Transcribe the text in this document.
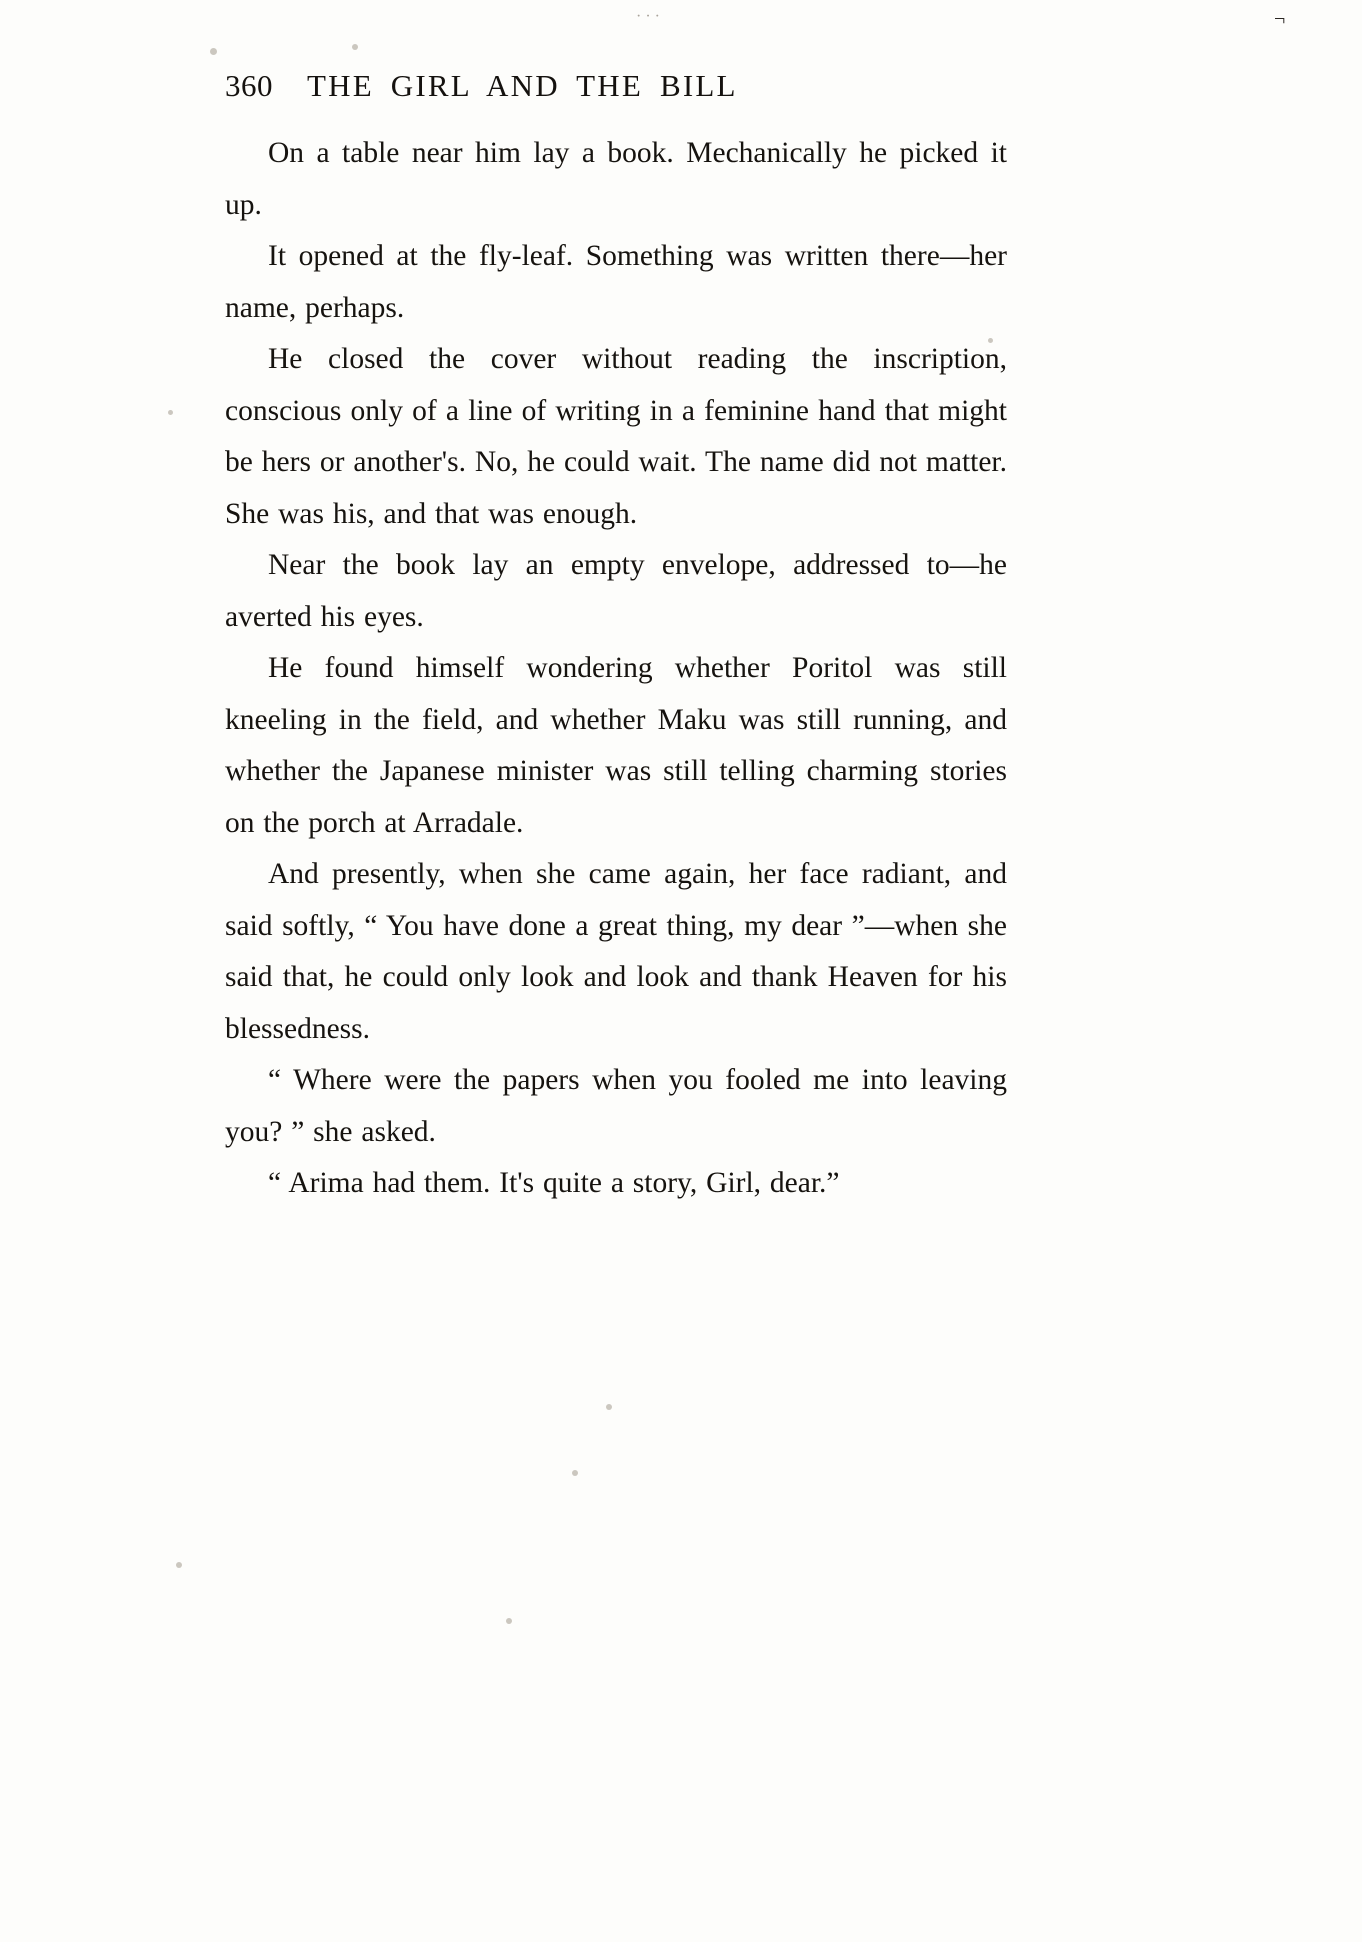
· · ·	¬
360 THE GIRL AND THE BILL

On a table near him lay a book. Mechanically he picked it up.

It opened at the fly-leaf. Something was written there—her name, perhaps.

He closed the cover without reading the inscription, conscious only of a line of writing in a feminine hand that might be hers or another's. No, he could wait. The name did not matter. She was his, and that was enough.

Near the book lay an empty envelope, addressed to—he averted his eyes.

He found himself wondering whether Poritol was still kneeling in the field, and whether Maku was still running, and whether the Japanese minister was still telling charming stories on the porch at Arradale.

And presently, when she came again, her face radiant, and said softly, “ You have done a great thing, my dear ”—when she said that, he could only look and look and thank Heaven for his blessedness.

“ Where were the papers when you fooled me into leaving you? ” she asked.

“ Arima had them. It's quite a story, Girl, dear.”
